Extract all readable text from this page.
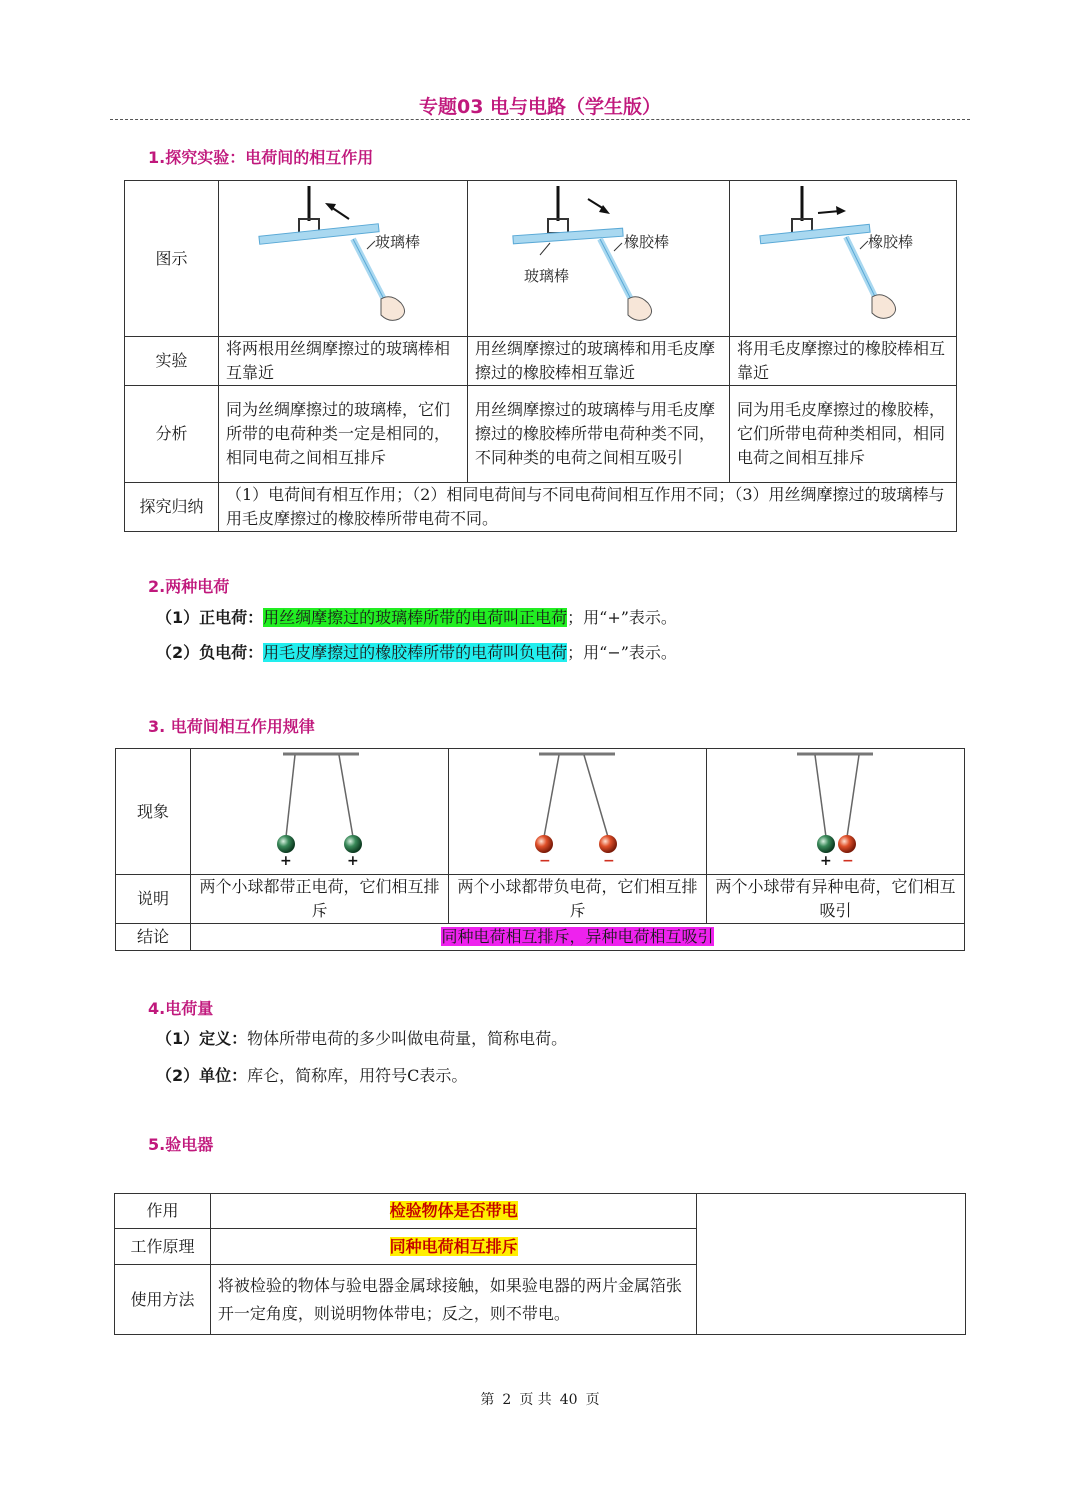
专题03 电与电路（学生版）
1.探究实验：电荷间的相互作用
图示	玻璃棒	橡胶棒
玻璃棒	橡胶棒

实验	将两根用丝绸摩擦过的玻璃棒相互靠近	用丝绸摩擦过的玻璃棒和用毛皮摩擦过的橡胶棒相互靠近	将用毛皮摩擦过的橡胶棒相互靠近
分析	同为丝绸摩擦过的玻璃棒，它们所带的电荷种类一定是相同的，相同电荷之间相互排斥	用丝绸摩擦过的玻璃棒与用毛皮摩擦过的橡胶棒所带电荷种类不同，不同种类的电荷之间相互吸引	同为用毛皮摩擦过的橡胶棒，它们所带电荷种类相同，相同电荷之间相互排斥
探究归纳	（1）电荷间有相互作用；（2）相同电荷间与不同电荷间相互作用不同；（3）用丝绸摩擦过的玻璃棒与用毛皮摩擦过的橡胶棒所带电荷不同。		
2.两种电荷
（1）正电荷：用丝绸摩擦过的玻璃棒所带的电荷叫正电荷；用“+”表示。
（2）负电荷：用毛皮摩擦过的橡胶棒所带的电荷叫负电荷；用“−”表示。
3. 电荷间相互作用规律
现象	+ +	− −	+ −

说明	两个小球都带正电荷，它们相互排斥	两个小球都带负电荷，它们相互排斥	两个小球带有异种电荷，它们相互吸引
结论	同种电荷相互排斥，异种电荷相互吸引		
4.电荷量
（1）定义：物体所带电荷的多少叫做电荷量，简称电荷。
（2）单位：库仑，简称库，用符号C表示。
5.验电器
作用	检验物体是否带电	
工作原理	同种电荷相互排斥	
使用方法	将被检验的物体与验电器金属球接触，如果验电器的两片金属箔张开一定角度，则说明物体带电；反之，则不带电。	
第 2 页 共 40 页
